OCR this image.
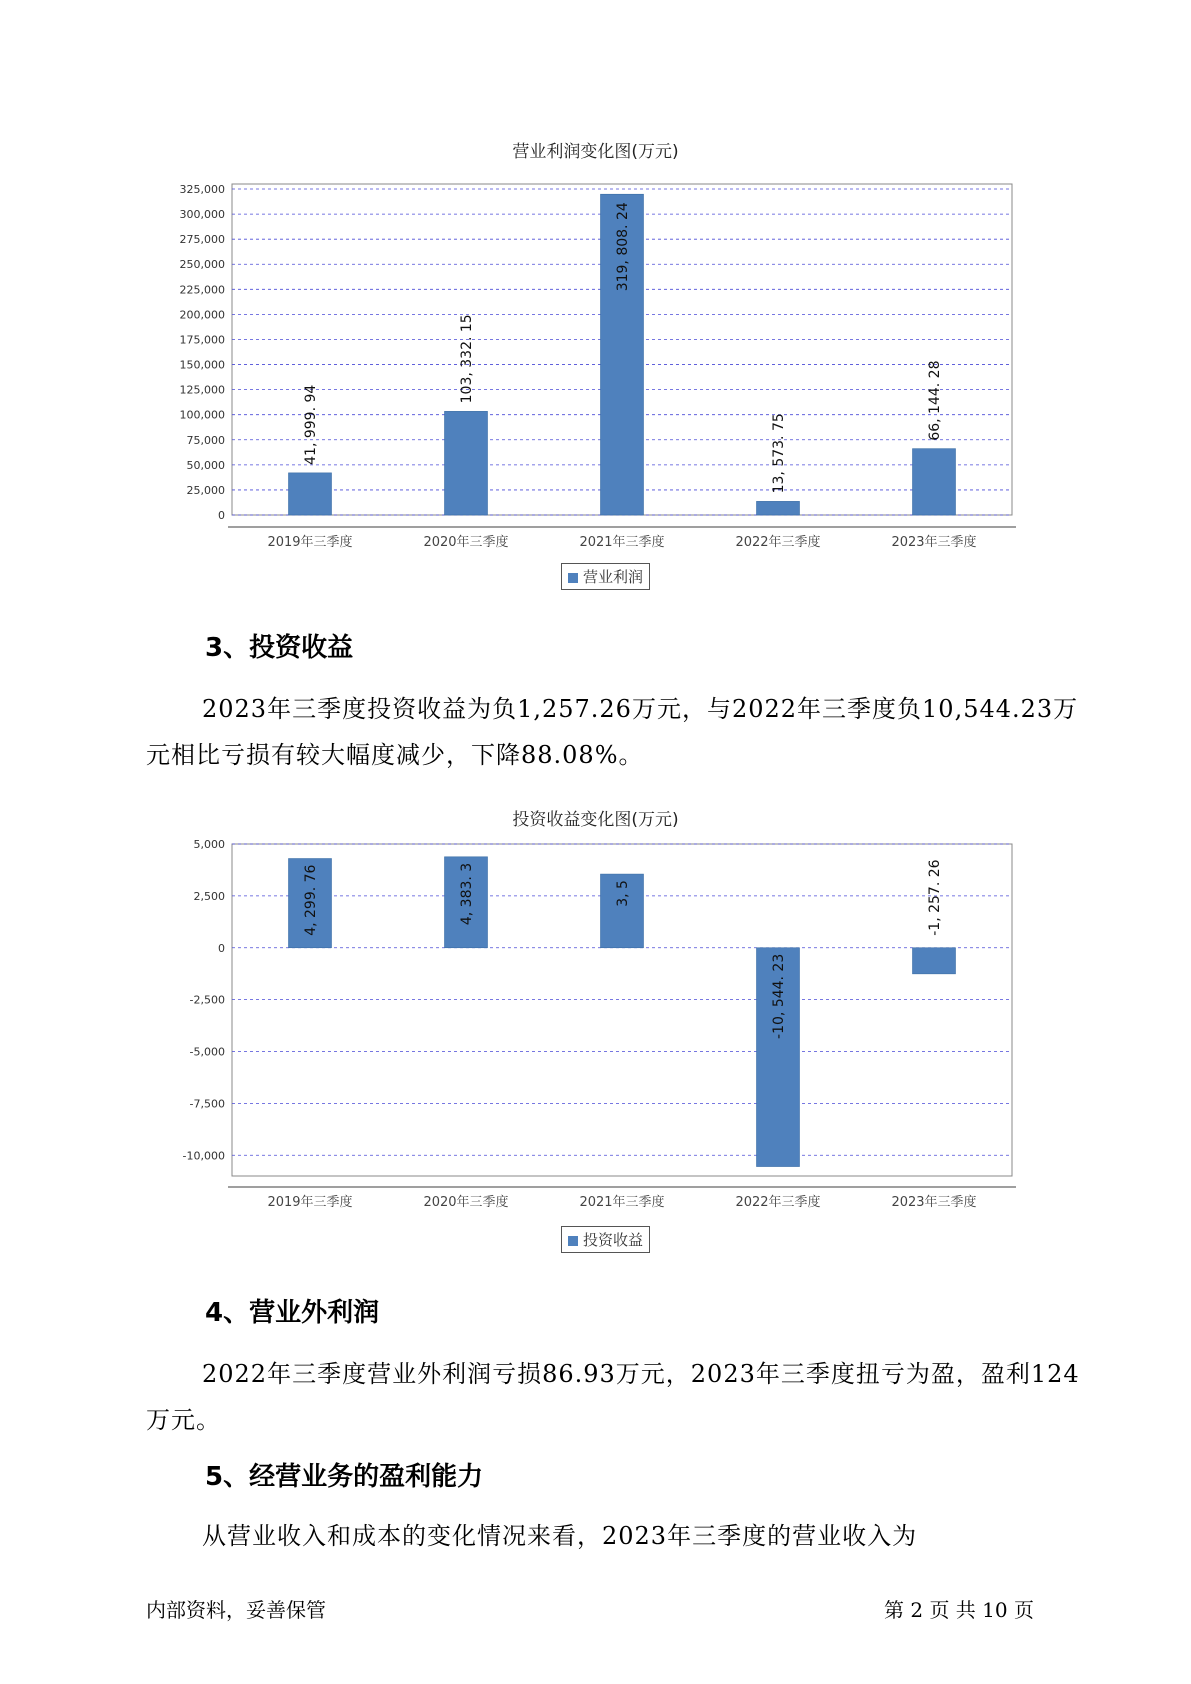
营业利润变化图(万元)
0
25,000
50,000
75,000
100,000
125,000
150,000
175,000
200,000
225,000
250,000
275,000
300,000
325,000
2019年三季度
41, 999. 94
2020年三季度
103, 332. 15
2021年三季度
319, 808. 24
2022年三季度
13, 573. 75
2023年三季度
66, 144. 28
营业利润
3、投资收益
2023年三季度投资收益为负1,257.26万元，与2022年三季度负10,544.23万元相比亏损有较大幅度减少，下降88.08%。
投资收益变化图(万元)
-10,000
-7,500
-5,000
-2,500
0
2,500
5,000
2019年三季度
4, 299. 76
2020年三季度
4, 383. 3
2021年三季度
3, 5
2022年三季度
-10, 544. 23
2023年三季度
-1, 257. 26
投资收益
4、营业外利润
2022年三季度营业外利润亏损86.93万元，2023年三季度扭亏为盈，盈利124万元。
5、经营业务的盈利能力
从营业收入和成本的变化情况来看，2023年三季度的营业收入为
内部资料，妥善保管	第 2 页 共 10 页
